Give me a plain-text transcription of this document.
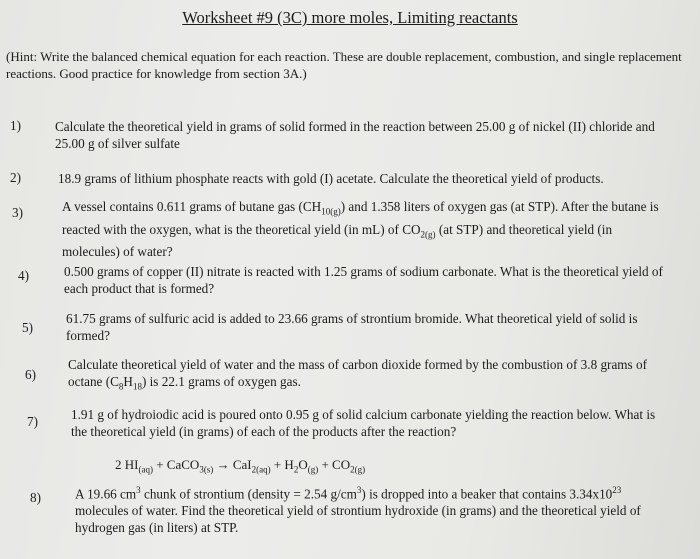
Worksheet #9 (3C) more moles, Limiting reactants
(Hint: Write the balanced chemical equation for each reaction. These are double replacement, combustion, and single replacement reactions. Good practice for knowledge from section 3A.)
1)	Calculate the theoretical yield in grams of solid formed in the reaction between 25.00 g of nickel (II) chloride and 25.00 g of silver sulfate
2)	18.9 grams of lithium phosphate reacts with gold (I) acetate. Calculate the theoretical yield of products.
3)	A vessel contains 0.611 grams of butane gas $(CH_{10(g)})$ and 1.358 liters of oxygen gas (at STP). After the butane is reacted with the oxygen, what is the theoretical yield (in mL) of $CO_{2(g)}$ (at STP) and theoretical yield (in molecules) of water?
4)	0.500 grams of copper (II) nitrate is reacted with 1.25 grams of sodium carbonate. What is the theoretical yield of each product that is formed?
5)
61.75 grams of sulfuric acid is added to 23.66 grams of strontium bromide. What theoretical yield of solid is formed?
6)
Calculate theoretical yield of water and the mass of carbon dioxide formed by the combustion of 3.8 grams of octane $(C_8H_{18})$ is 22.1 grams of oxygen gas.
7)	1.91 g of hydroiodic acid is poured onto 0.95 g of solid calcium carbonate yielding the reaction below. What is the theoretical yield (in grams) of each of the products after the reaction?
2 $HI_{(aq)}$ + CaCO$_{3(s)}$ → $CaI_{2(aq)} + H_2O_{(g)} + CO_{2(g)}$
8)	A 19.66 $cm^3$ chunk of strontium (density = 2.54 $g/cm^3$) is dropped into a beaker that contains $3.34x10^{23}$ molecules of water. Find the theoretical yield of strontium hydroxide (in grams) and the theoretical yield of hydrogen gas (in liters) at STP.
